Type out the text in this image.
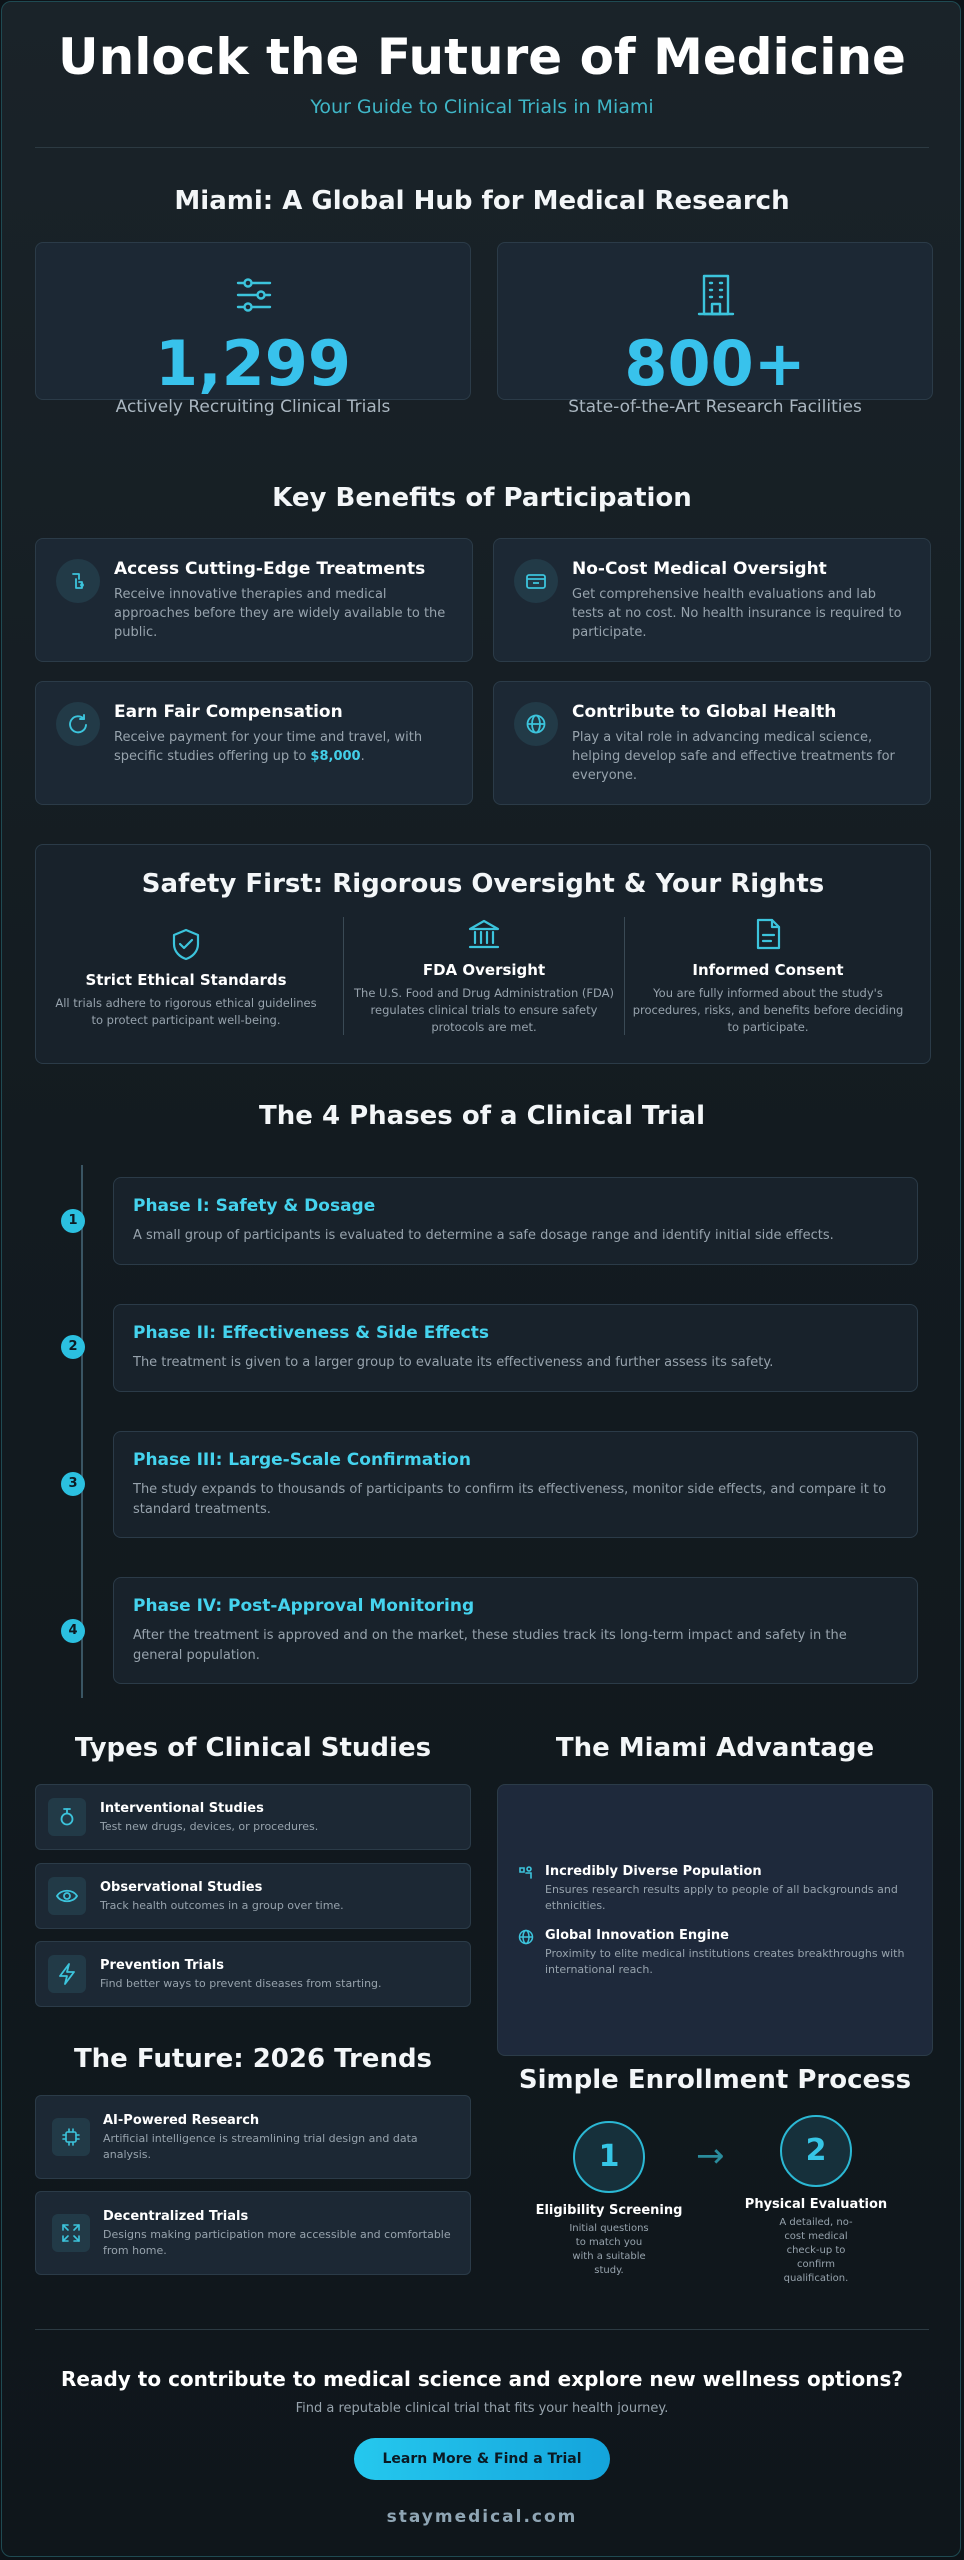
Unlock the Future of Medicine
Your Guide to Clinical Trials in Miami
Miami: A Global Hub for Medical Research
1,299
Actively Recruiting Clinical Trials
800+
State-of-the-Art Research Facilities
Key Benefits of Participation
Access Cutting-Edge Treatments
Receive innovative therapies and medical approaches before they are widely available to the public.
No-Cost Medical Oversight
Get comprehensive health evaluations and lab tests at no cost. No health insurance is required to participate.
Earn Fair Compensation
Receive payment for your time and travel, with specific studies offering up to $8,000.
Contribute to Global Health
Play a vital role in advancing medical science, helping develop safe and effective treatments for everyone.
Safety First: Rigorous Oversight & Your Rights
Strict Ethical Standards
All trials adhere to rigorous ethical guidelines to protect participant well-being.
FDA Oversight
The U.S. Food and Drug Administration (FDA) regulates clinical trials to ensure safety protocols are met.
Informed Consent
You are fully informed about the study's procedures, risks, and benefits before deciding to participate.
The 4 Phases of a Clinical Trial
1
Phase I: Safety & Dosage
A small group of participants is evaluated to determine a safe dosage range and identify initial side effects.
2
Phase II: Effectiveness & Side Effects
The treatment is given to a larger group to evaluate its effectiveness and further assess its safety.
3
Phase III: Large-Scale Confirmation
The study expands to thousands of participants to confirm its effectiveness, monitor side effects, and compare it to standard treatments.
4
Phase IV: Post-Approval Monitoring
After the treatment is approved and on the market, these studies track its long-term impact and safety in the general population.
Types of Clinical Studies
Interventional Studies
Test new drugs, devices, or procedures.
Observational Studies
Track health outcomes in a group over time.
Prevention Trials
Find better ways to prevent diseases from starting.
The Miami Advantage
Incredibly Diverse Population
Ensures research results apply to people of all backgrounds and ethnicities.
Global Innovation Engine
Proximity to elite medical institutions creates breakthroughs with international reach.
The Future: 2026 Trends
AI-Powered Research
Artificial intelligence is streamlining trial design and data analysis.
Decentralized Trials
Designs making participation more accessible and comfortable from home.
Simple Enrollment Process
1
Eligibility Screening
Initial questions to match you with a suitable study.
→	2
Physical Evaluation
A detailed, no-cost medical check-up to confirm qualification.
Ready to contribute to medical science and explore new wellness options?
Find a reputable clinical trial that fits your health journey.
Learn More & Find a Trial
staymedical.com
